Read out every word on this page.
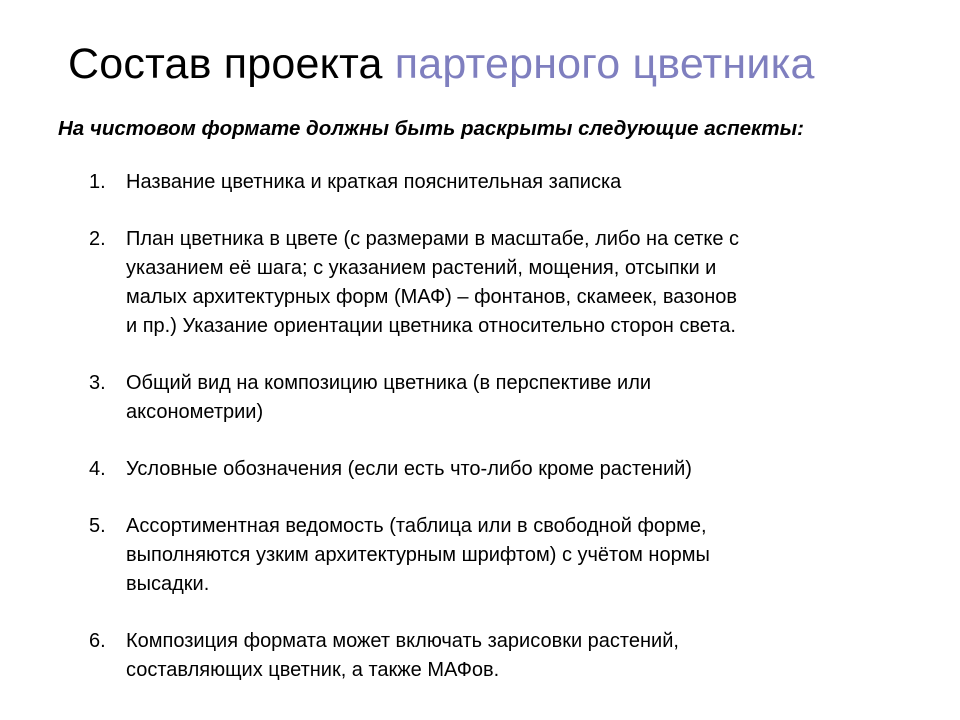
Состав проекта партерного цветника
На чистовом формате должны быть раскрыты следующие аспекты:
1. Название цветника и краткая пояснительная записка
2. План цветника в цвете (с размерами в масштабе, либо на сетке с
указанием её шага; с указанием растений, мощения, отсыпки и
малых архитектурных форм (МАФ) – фонтанов, скамеек, вазонов
и пр.) Указание ориентации цветника относительно сторон света.
3. Общий вид на композицию цветника (в перспективе или
аксонометрии)
4. Условные обозначения (если есть что-либо кроме растений)
5. Ассортиментная ведомость (таблица или в свободной форме,
выполняются узким архитектурным шрифтом) с учётом нормы
высадки.
6. Композиция формата может включать зарисовки растений,
составляющих цветник, а также МАФов.
